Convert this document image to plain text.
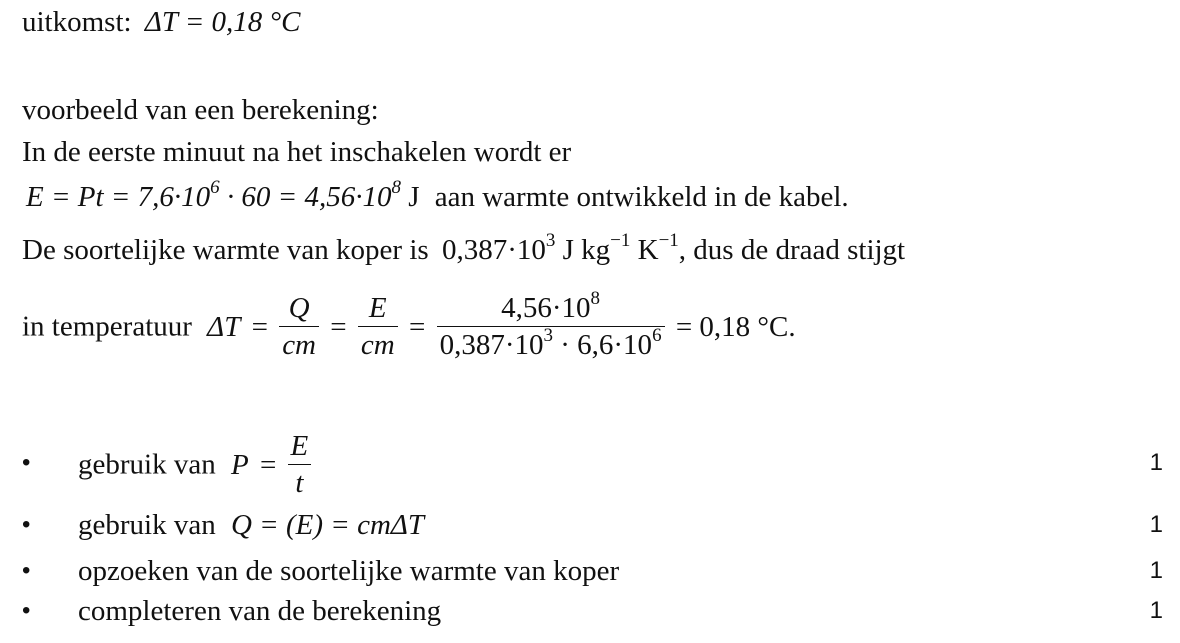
uitkomst: ΔT = 0,18 °C
voorbeeld van een berekening:
In de eerste minuut na het inschakelen wordt er
$E = Pt = 7,6\cdot 10^6 \cdot 60 = 4,56\cdot 10^8$ J aan warmte ontwikkeld in de kabel.
De soortelijke warmte van koper is $0,387\cdot 10^3$ J $kg^{-1}$ $K^{-1}$, dus de draad stijgt
in temperatuur $\Delta T = \frac{Q}{cm} = \frac{E}{cm} = \frac{4,56\cdot 10^8}{0,387\cdot 10^3 \cdot 6,6\cdot 10^6} = 0,18$ °C.
• gebruik van $P = \frac{E}{t}$	1
• gebruik van Q = (E) = cmΔT	1
• opzoeken van de soortelijke warmte van koper	1
• completeren van de berekening	1
